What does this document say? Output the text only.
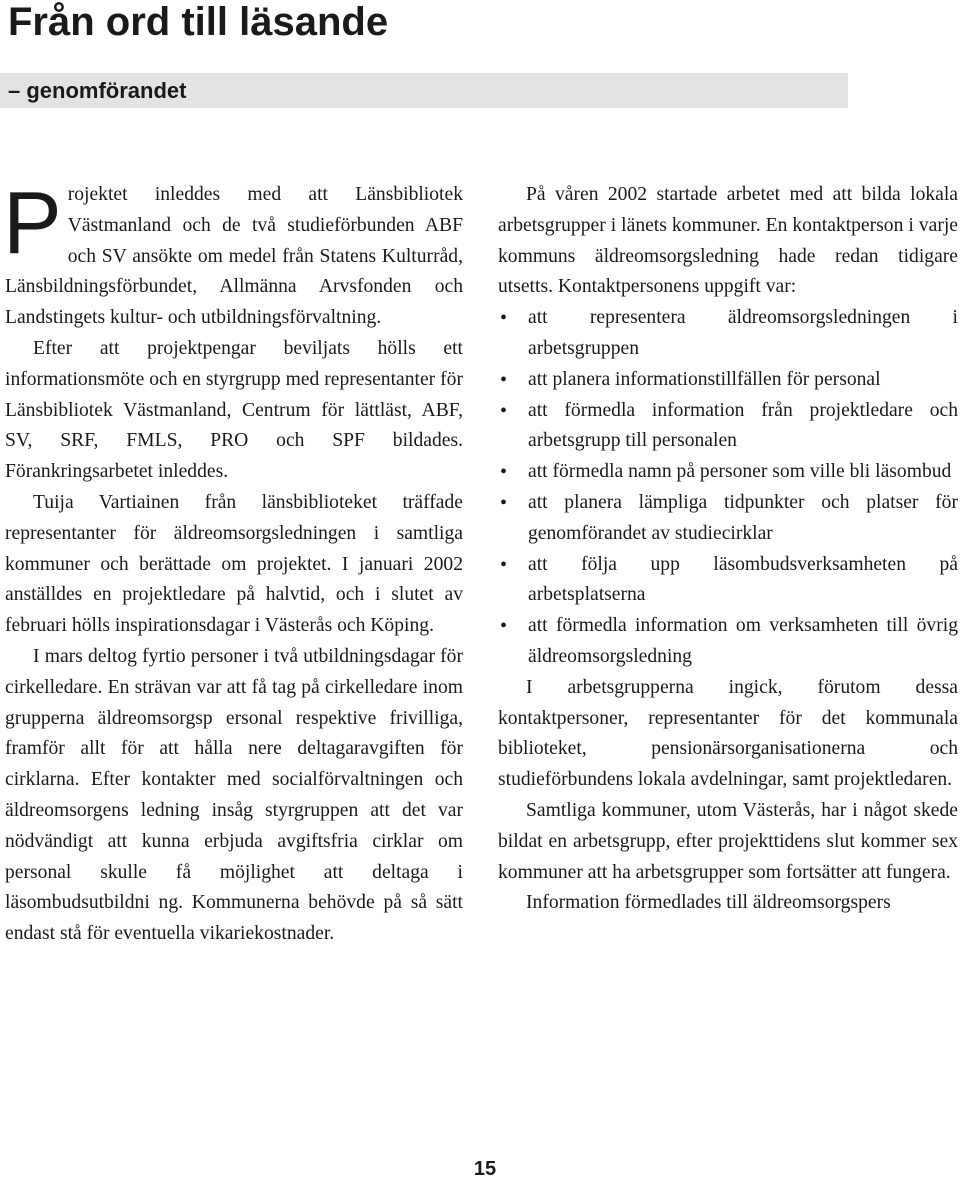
Från ord till läsande
– genomförandet

Projektet inleddes med att Länsbibliotek Västmanland och de två studieförbunden ABF och SV ansökte om medel från Statens Kulturråd, Länsbildningsförbundet, Allmänna Arvsfonden och Landstingets kultur- och utbildningsförvaltning.

Efter att projektpengar beviljats hölls ett informationsmöte och en styrgrupp med representanter för Länsbibliotek Västmanland, Centrum för lättläst, ABF, SV, SRF, FMLS, PRO och SPF bildades. Förankringsarbetet inleddes.

Tuija Vartiainen från länsbiblioteket träffade representanter för äldreomsorgsledningen i samtliga kommuner och berättade om projektet. I januari 2002 anställdes en projektledare på halvtid, och i slutet av februari hölls inspirationsdagar i Västerås och Köping.

I mars deltog fyrtio personer i två utbildningsdagar för cirkelledare. En strävan var att få tag på cirkelledare inom grupperna äldreomsorgsp ersonal respektive frivilliga, framför allt för att hålla nere deltagaravgiften för cirklarna. Efter kontakter med socialförvaltningen och äldreomsorgens ledning insåg styrgruppen att det var nödvändigt att kunna erbjuda avgiftsfria cirklar om personal skulle få möjlighet att deltaga i läsombudsutbildni ng. Kommunerna behövde på så sätt endast stå för eventuella vikariekostnader.

På våren 2002 startade arbetet med att bilda lokala arbetsgrupper i länets kommuner. En kontaktperson i varje kommuns äldreomsorgsledning hade redan tidigare utsetts. Kontaktpersonens uppgift var:

• att representera äldreomsorgsledningen i arbetsgruppen
• att planera informationstillfällen för personal
• att förmedla information från projektledare och arbetsgrupp till personalen
• att förmedla namn på personer som ville bli läsombud
• att planera lämpliga tidpunkter och platser för genomförandet av studiecirklar
• att följa upp läsombudsverksamheten på arbetsplatserna
• att förmedla information om verksamheten till övrig äldreomsorgsledning

I arbetsgrupperna ingick, förutom dessa kontaktpersoner, representanter för det kommunala biblioteket, pensionärsorganisationerna och studieförbundens lokala avdelningar, samt projektledaren.

Samtliga kommuner, utom Västerås, har i något skede bildat en arbetsgrupp, efter projekttidens slut kommer sex kommuner att ha arbetsgrupper som fortsätter att fungera.

Information förmedlades till äldreomsorgspers

15
